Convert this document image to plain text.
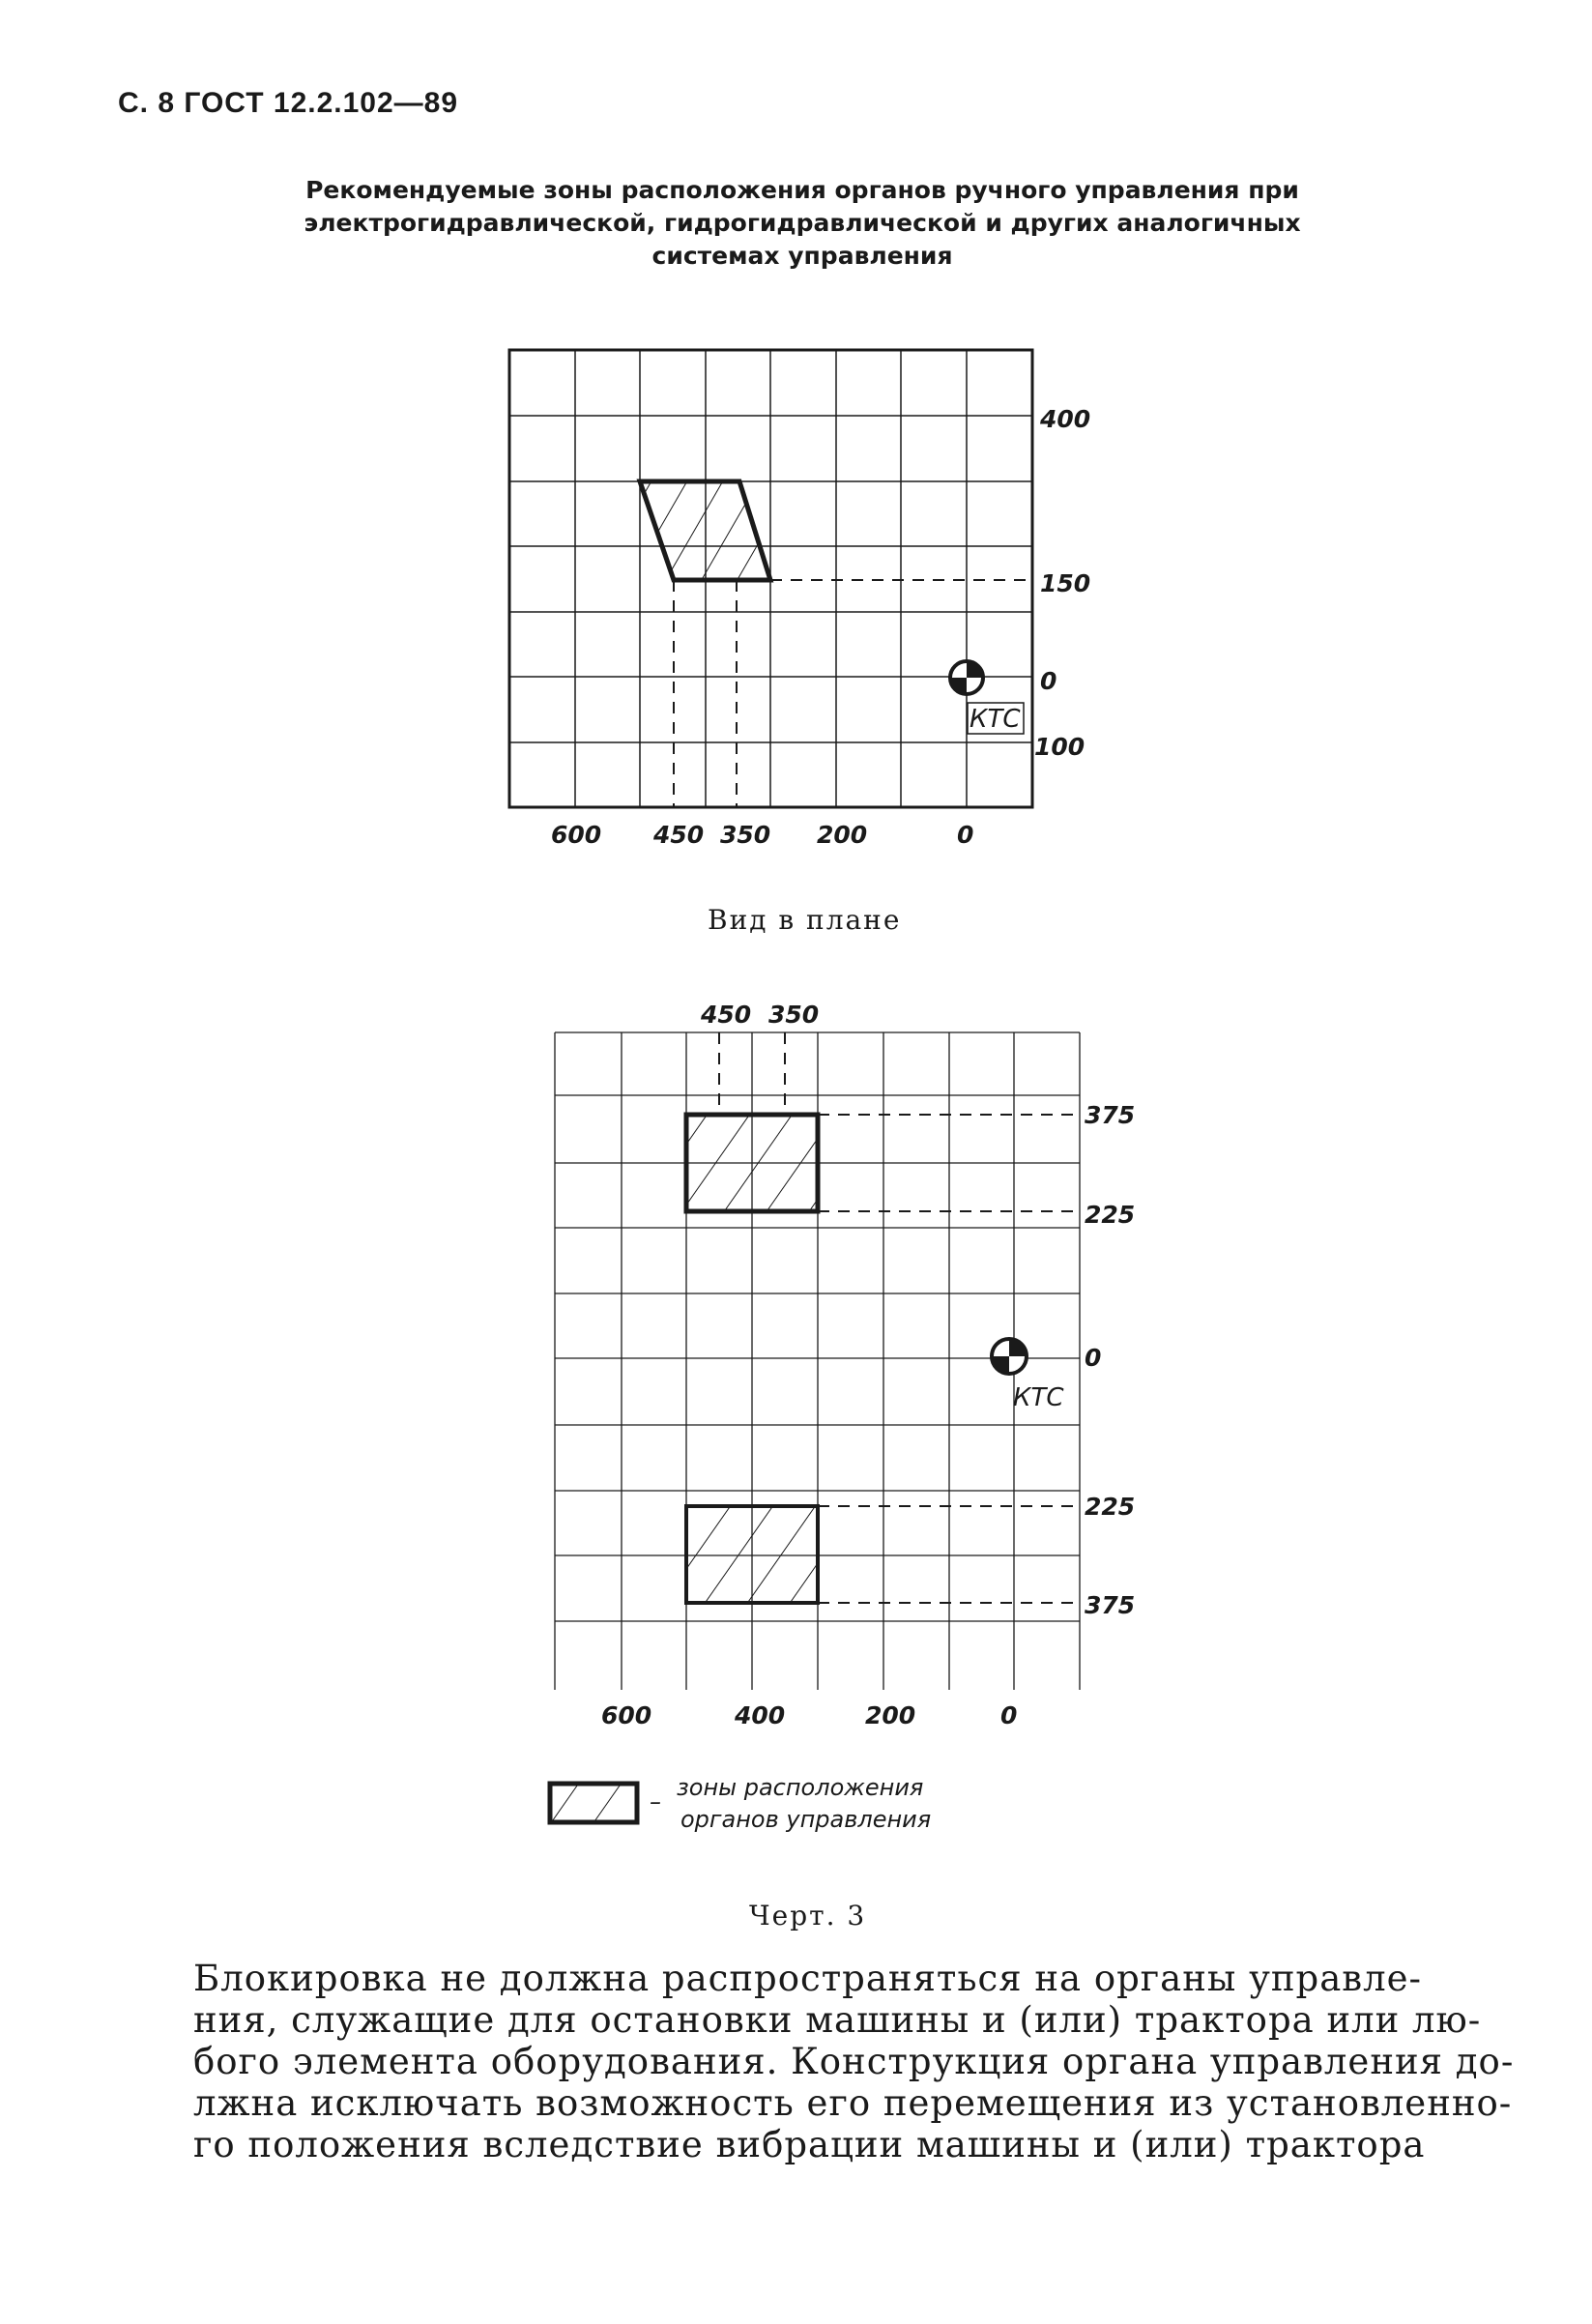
С. 8 ГОСТ 12.2.102—89
Рекомендуемые зоны расположения органов ручного управления при
электрогидравлической, гидрогидравлической и других аналогичных
системах управления
КТС
400
150
0
100
600 450 350 200	0
КТС
450 350
375
225
0
225
375
600	400	200	0
–
зоны расположения
органов управления
Вид в плане
Черт. 3
Блокировка не должна распространяться на органы управле-
ния, служащие для остановки машины и (или) трактора или лю-
бого элемента оборудования. Конструкция органа управления до-
лжна исключать возможность его перемещения из установленно-
го положения вследствие вибрации машины и (или) трактора
